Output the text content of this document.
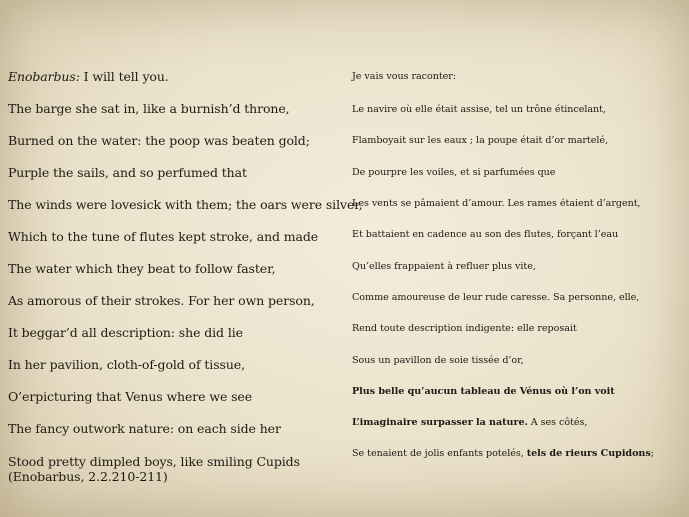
Enobarbus: I will tell you.
The barge she sat in, like a burnish’d throne,
Burned on the water: the poop was beaten gold;
Purple the sails, and so perfumed that
The winds were lovesick with them; the oars were silver,
Which to the tune of flutes kept stroke, and made
The water which they beat to follow faster,
As amorous of their strokes. For her own person,
It beggar’d all description: she did lie
In her pavilion, cloth-of-gold of tissue,
O’erpicturing that Venus where we see
The fancy outwork nature: on each side her
Stood pretty dimpled boys, like smiling Cupids
(Enobarbus, 2.2.210-211)
Je vais vous raconter:
Le navire où elle était assise, tel un trône étincelant,
Flamboyait sur les eaux ; la poupe était d’or martelé,
De pourpre les voiles, et si parfumées que
Les vents se pâmaient d’amour. Les rames étaient d’argent,
Et battaient en cadence au son des flutes, forçant l’eau
Qu’elles frappaient à refluer plus vite,
Comme amoureuse de leur rude caresse. Sa personne, elle,
Rend toute description indigente: elle reposait
Sous un pavillon de soie tissée d’or,
Plus belle qu’aucun tableau de Vénus où l’on voit
L’imaginaire surpasser la nature. A ses côtés,
Se tenaient de jolis enfants potelés, tels de rieurs Cupidons;
